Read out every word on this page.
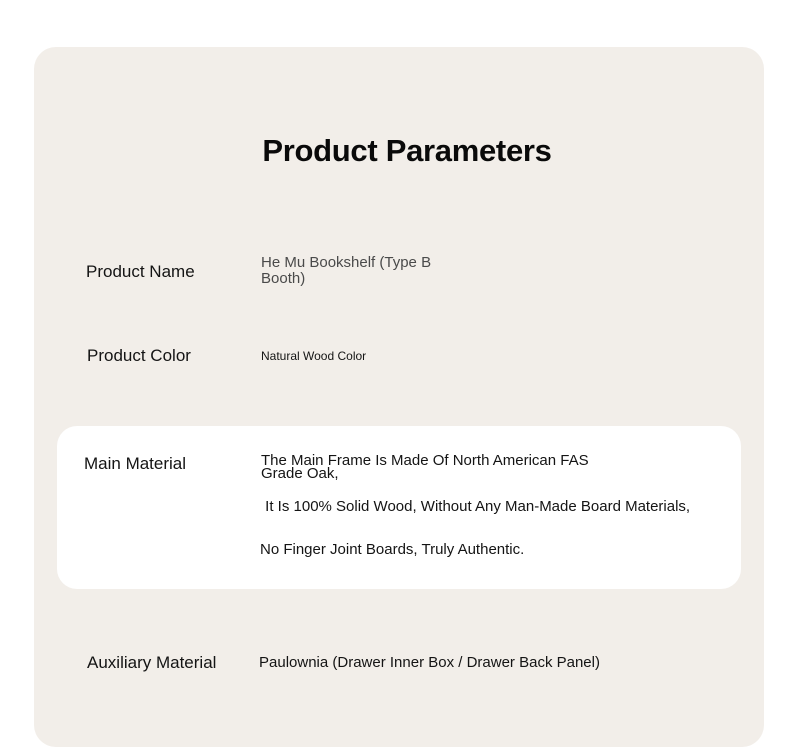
Product Parameters
Product Name	He Mu Bookshelf (Type B
Booth)
Product Color	Natural Wood Color
Main Material	The Main Frame Is Made Of North American FAS
Grade Oak,
It Is 100% Solid Wood, Without Any Man-Made Board Materials,
No Finger Joint Boards, Truly Authentic.
Auxiliary Material	Paulownia (Drawer Inner Box / Drawer Back Panel)
